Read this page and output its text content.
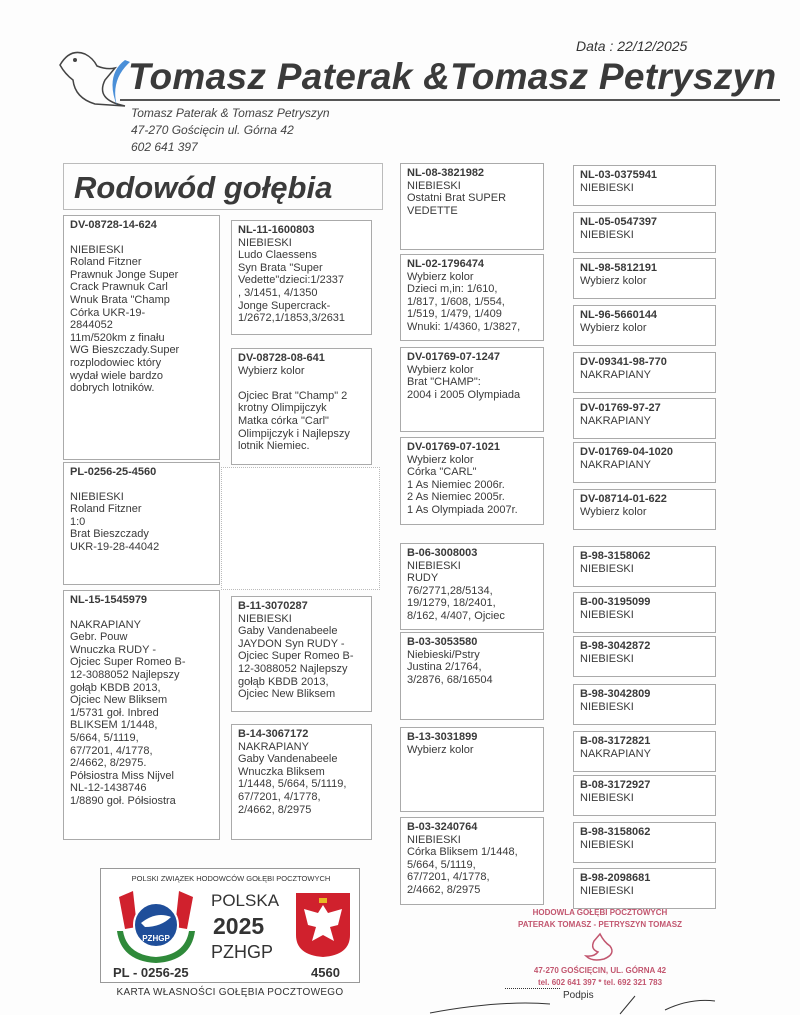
Data : 22/12/2025
Tomasz Paterak &Tomasz Petryszyn
Tomasz Paterak & Tomasz Petryszyn
47-270 Gościęcin ul. Górna 42
602 641 397
Rodowód gołębia
DV-08728-14-624
NIEBIESKI
Roland Fitzner
Prawnuk Jonge Super
Crack Prawnuk Carl
Wnuk Brata "Champ
Córka UKR-19-
2844052
11m/520km z finału
WG Bieszczady.Super
rozplodowiec który
wydał wiele bardzo
dobrych lotników.
PL-0256-25-4560
NIEBIESKI
Roland Fitzner
1:0
Brat Bieszczady
UKR-19-28-44042
NL-15-1545979
NAKRAPIANY
Gebr. Pouw
Wnuczka RUDY -
Ojciec Super Romeo B-
12-3088052 Najlepszy
gołąb KBDB 2013,
Ojciec New Bliksem
1/5731 goł. Inbred
BLIKSEM 1/1448,
5/664, 5/1119,
67/7201, 4/1778,
2/4662, 8/2975.
Półsiostra Miss Nijvel
NL-12-1438746
1/8890 goł. Półsiostra
NL-11-1600803
NIEBIESKI
Ludo Claessens
Syn Brata "Super
Vedette"dzieci:1/2337
, 3/1451, 4/1350
Jonge Supercrack-
1/2672,1/1853,3/2631
DV-08728-08-641
Wybierz kolor

Ojciec Brat "Champ" 2
krotny Olimpijczyk
Matka córka "Carl"
Olimpijczyk i Najlepszy
lotnik Niemiec.
B-11-3070287
NIEBIESKI
Gaby Vandenabeele
JAYDON Syn RUDY -
Ojciec Super Romeo B-
12-3088052 Najlepszy
gołąb KBDB 2013,
Ojciec New Bliksem
B-14-3067172
NAKRAPIANY
Gaby Vandenabeele
Wnuczka Bliksem
1/1448, 5/664, 5/1119,
67/7201, 4/1778,
2/4662, 8/2975
NL-08-3821982
NIEBIESKI
Ostatni Brat SUPER
VEDETTE
NL-02-1796474
Wybierz kolor
Dzieci m,in: 1/610,
1/817, 1/608, 1/554,
1/519, 1/479, 1/409
Wnuki: 1/4360, 1/3827,
DV-01769-07-1247
Wybierz kolor
Brat "CHAMP":
2004 i 2005 Olympiada
DV-01769-07-1021
Wybierz kolor
Córka "CARL"
1 As Niemiec 2006r.
2 As Niemiec 2005r.
1 As Olympiada 2007r.
B-06-3008003
NIEBIESKI
RUDY
76/2771,28/5134,
19/1279, 18/2401,
8/162, 4/407, Ojciec
B-03-3053580
Niebieski/Pstry
Justina 2/1764,
3/2876, 68/16504
B-13-3031899
Wybierz kolor
B-03-3240764
NIEBIESKI
Córka Bliksem 1/1448,
5/664, 5/1119,
67/7201, 4/1778,
2/4662, 8/2975
NL-03-0375941
NIEBIESKI
NL-05-0547397
NIEBIESKI
NL-98-5812191
Wybierz kolor
NL-96-5660144
Wybierz kolor
DV-09341-98-770
NAKRAPIANY
DV-01769-97-27
NAKRAPIANY
DV-01769-04-1020
NAKRAPIANY
DV-08714-01-622
Wybierz kolor
B-98-3158062
NIEBIESKI
B-00-3195099
NIEBIESKI
B-98-3042872
NIEBIESKI
B-98-3042809
NIEBIESKI
B-08-3172821
NAKRAPIANY
B-08-3172927
NIEBIESKI
B-98-3158062
NIEBIESKI
B-98-2098681
NIEBIESKI
POLSKI ZWIĄZEK HODOWCÓW GOŁĘBI POCZTOWYCH
PZHGP
POLSKA
2025
PZHGP
PL - 0256-25	4560
KARTA WŁASNOŚCI GOŁĘBIA POCZTOWEGO
HODOWLA GOŁĘBI POCZTOWYCH
PATERAK TOMASZ - PETRYSZYN TOMASZ
47-270 GOŚCIĘCIN, UL. GÓRNA 42
tel. 602 641 397 * tel. 692 321 783
Podpis
